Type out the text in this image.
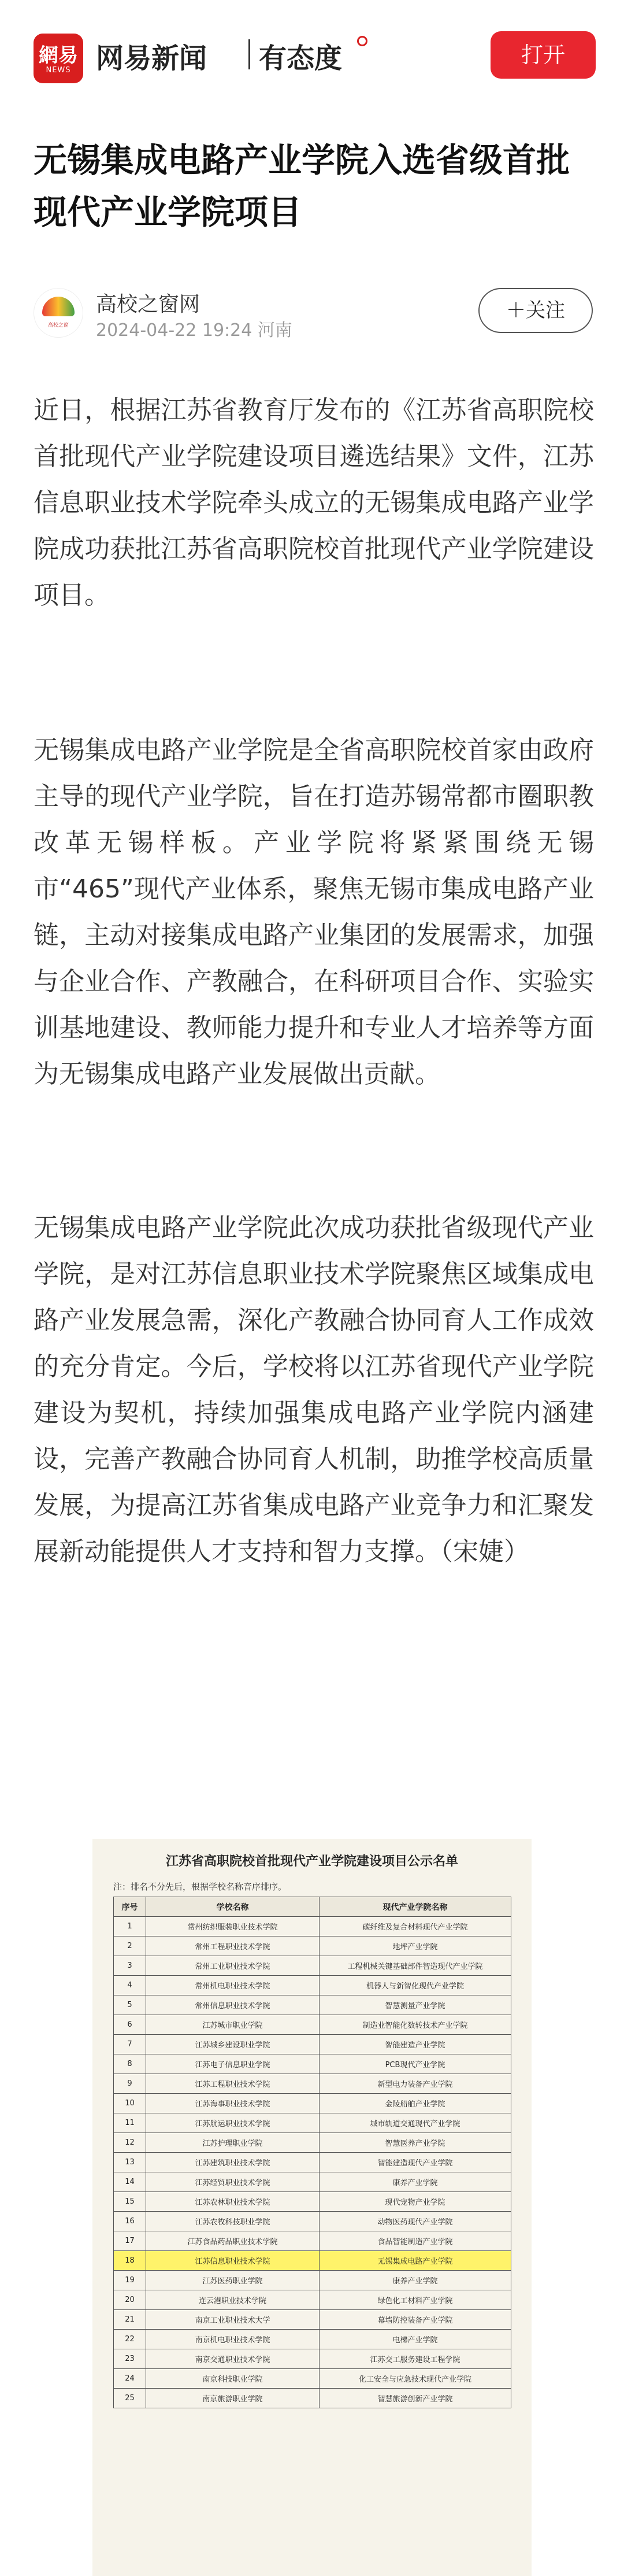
網易
NEWS 网易新闻 有态度	打开
无锡集成电路产业学院入选省级首批现代产业学院项目
高校之窗
高校之窗网
2024-04-22 19:24 河南
＋关注

近日，根据江苏省教育厅发布的《江苏省高职院校首批现代产业学院建设项目遴选结果》文件，江苏信息职业技术学院牵头成立的无锡集成电路产业学院成功获批江苏省高职院校首批现代产业学院建设项目。

无锡集成电路产业学院是全省高职院校首家由政府主导的现代产业学院，旨在打造苏锡常都市圈职教改革无锡样板。产业学院将紧紧围绕无锡市“465”现代产业体系，聚焦无锡市集成电路产业链，主动对接集成电路产业集团的发展需求，加强与企业合作、产教融合，在科研项目合作、实验实训基地建设、教师能力提升和专业人才培养等方面为无锡集成电路产业发展做出贡献。

无锡集成电路产业学院此次成功获批省级现代产业学院，是对江苏信息职业技术学院聚焦区域集成电路产业发展急需，深化产教融合协同育人工作成效的充分肯定。今后，学校将以江苏省现代产业学院建设为契机，持续加强集成电路产业学院内涵建设，完善产教融合协同育人机制，助推学校高质量发展，为提高江苏省集成电路产业竞争力和汇聚发展新动能提供人才支持和智力支撑。（宋婕）

江苏省高职院校首批现代产业学院建设项目公示名单
注：排名不分先后，根据学校名称音序排序。
序号	学校名称	现代产业学院名称
1	常州纺织服装职业技术学院	碳纤维及复合材料现代产业学院
2	常州工程职业技术学院	地坪产业学院
3	常州工业职业技术学院	工程机械关键基础部件智造现代产业学院
4	常州机电职业技术学院	机器人与新智化现代产业学院
5	常州信息职业技术学院	智慧测量产业学院
6	江苏城市职业学院	制造业智能化数转技术产业学院
7	江苏城乡建设职业学院	智能建造产业学院
8	江苏电子信息职业学院	PCB现代产业学院
9	江苏工程职业技术学院	新型电力装备产业学院
10	江苏海事职业技术学院	金陵船舶产业学院
11	江苏航运职业技术学院	城市轨道交通现代产业学院
12	江苏护理职业学院	智慧医养产业学院
13	江苏建筑职业技术学院	智能建造现代产业学院
14	江苏经贸职业技术学院	康养产业学院
15	江苏农林职业技术学院	现代宠物产业学院
16	江苏农牧科技职业学院	动物医药现代产业学院
17	江苏食品药品职业技术学院	食品智能制造产业学院
18	江苏信息职业技术学院	无锡集成电路产业学院
19	江苏医药职业学院	康养产业学院
20	连云港职业技术学院	绿色化工材料产业学院
21	南京工业职业技术大学	幕墙防控装备产业学院
22	南京机电职业技术学院	电梯产业学院
23	南京交通职业技术学院	江苏交工服务建设工程学院
24	南京科技职业学院	化工安全与应急技术现代产业学院
25	南京旅游职业学院	智慧旅游创新产业学院
